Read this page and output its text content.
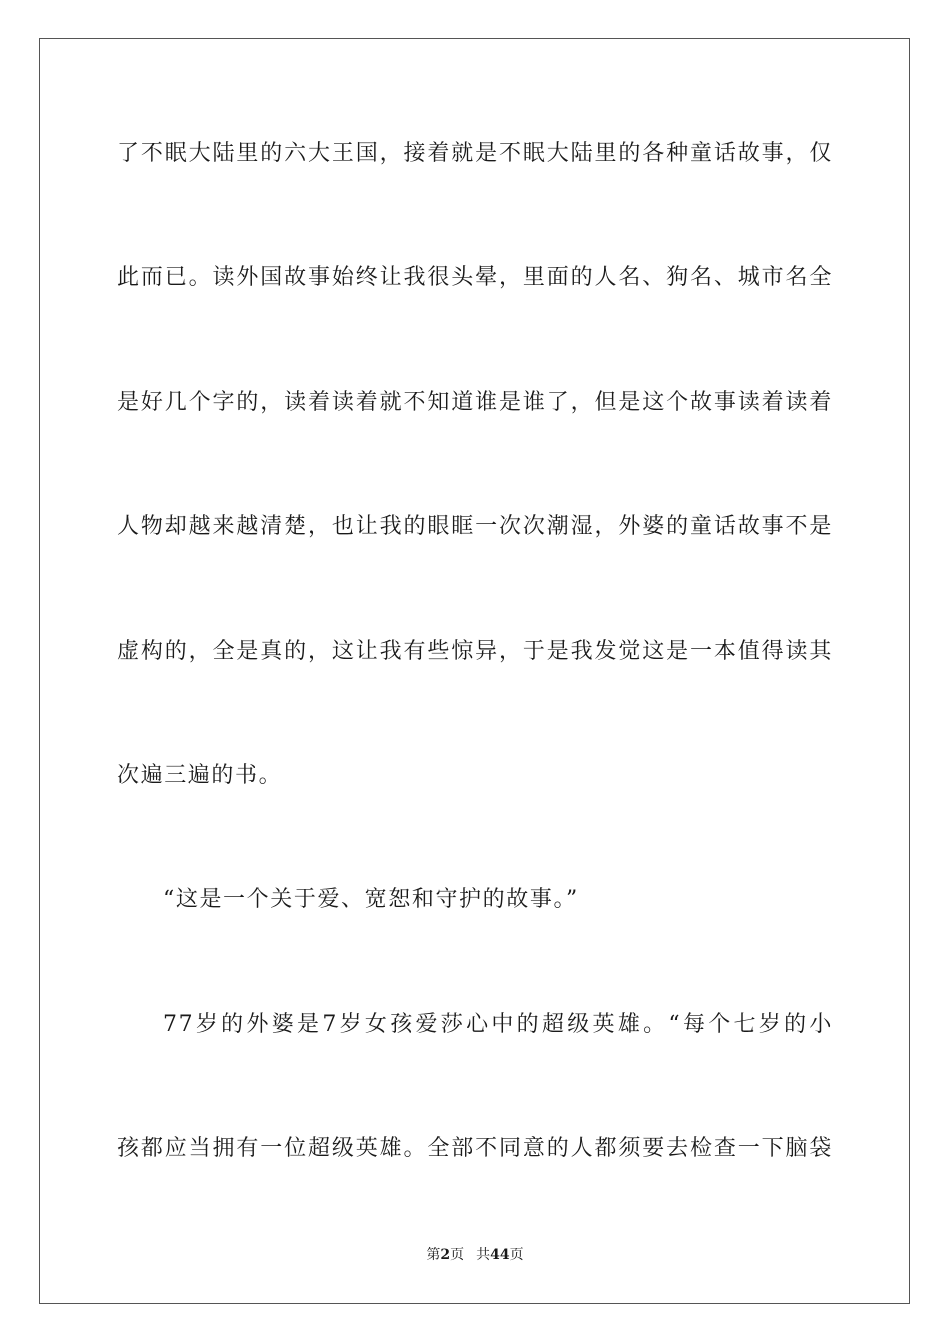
了不眠大陆里的六大王国，接着就是不眠大陆里的各种童话故事，仅
此而已。读外国故事始终让我很头晕，里面的人名、狗名、城市名全
是好几个字的，读着读着就不知道谁是谁了，但是这个故事读着读着
人物却越来越清楚，也让我的眼眶一次次潮湿，外婆的童话故事不是
虚构的，全是真的，这让我有些惊异，于是我发觉这是一本值得读其
次遍三遍的书。
“这是一个关于爱、宽恕和守护的故事。”
77岁的外婆是7岁女孩爱莎心中的超级英雄。“每个七岁的小
孩都应当拥有一位超级英雄。全部不同意的人都须要去检查一下脑袋
第2页 共44页
